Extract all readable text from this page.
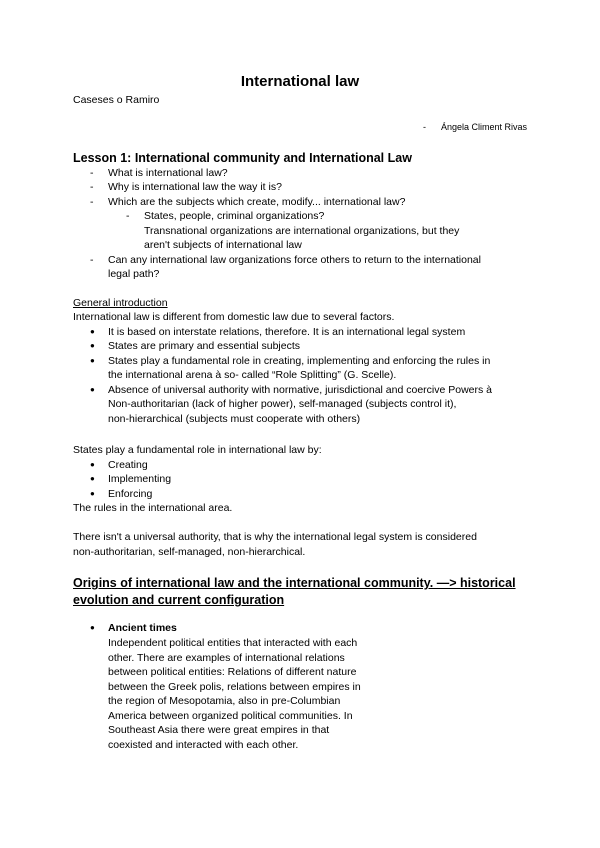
International law
Caseses o Ramiro
- Ángela Climent Rivas
Lesson 1: International community and International Law
- What is international law?
- Why is international law the way it is?
- Which are the subjects which create, modify... international law?
- States, people, criminal organizations?
Transnational organizations are international organizations, but they
aren't subjects of international law
- Can any international law organizations force others to return to the international
legal path?
General introduction
International law is different from domestic law due to several factors.
● It is based on interstate relations, therefore. It is an international legal system
● States are primary and essential subjects
● States play a fundamental role in creating, implementing and enforcing the rules in
the international arena à so- called “Role Splitting” (G. Scelle).
● Absence of universal authority with normative, jurisdictional and coercive Powers à
Non-authoritarian (lack of higher power), self-managed (subjects control it),
non-hierarchical (subjects must cooperate with others)
States play a fundamental role in international law by:
● Creating
● Implementing
● Enforcing
The rules in the international area.
There isn't a universal authority, that is why the international legal system is considered
non-authoritarian, self-managed, non-hierarchical.
Origins of international law and the international community. —> historical
evolution and current configuration
● Ancient times
Independent political entities that interacted with each
other. There are examples of international relations
between political entities: Relations of different nature
between the Greek polis, relations between empires in
the region of Mesopotamia, also in pre-Columbian
America between organized political communities. In
Southeast Asia there were great empires in that
coexisted and interacted with each other.
